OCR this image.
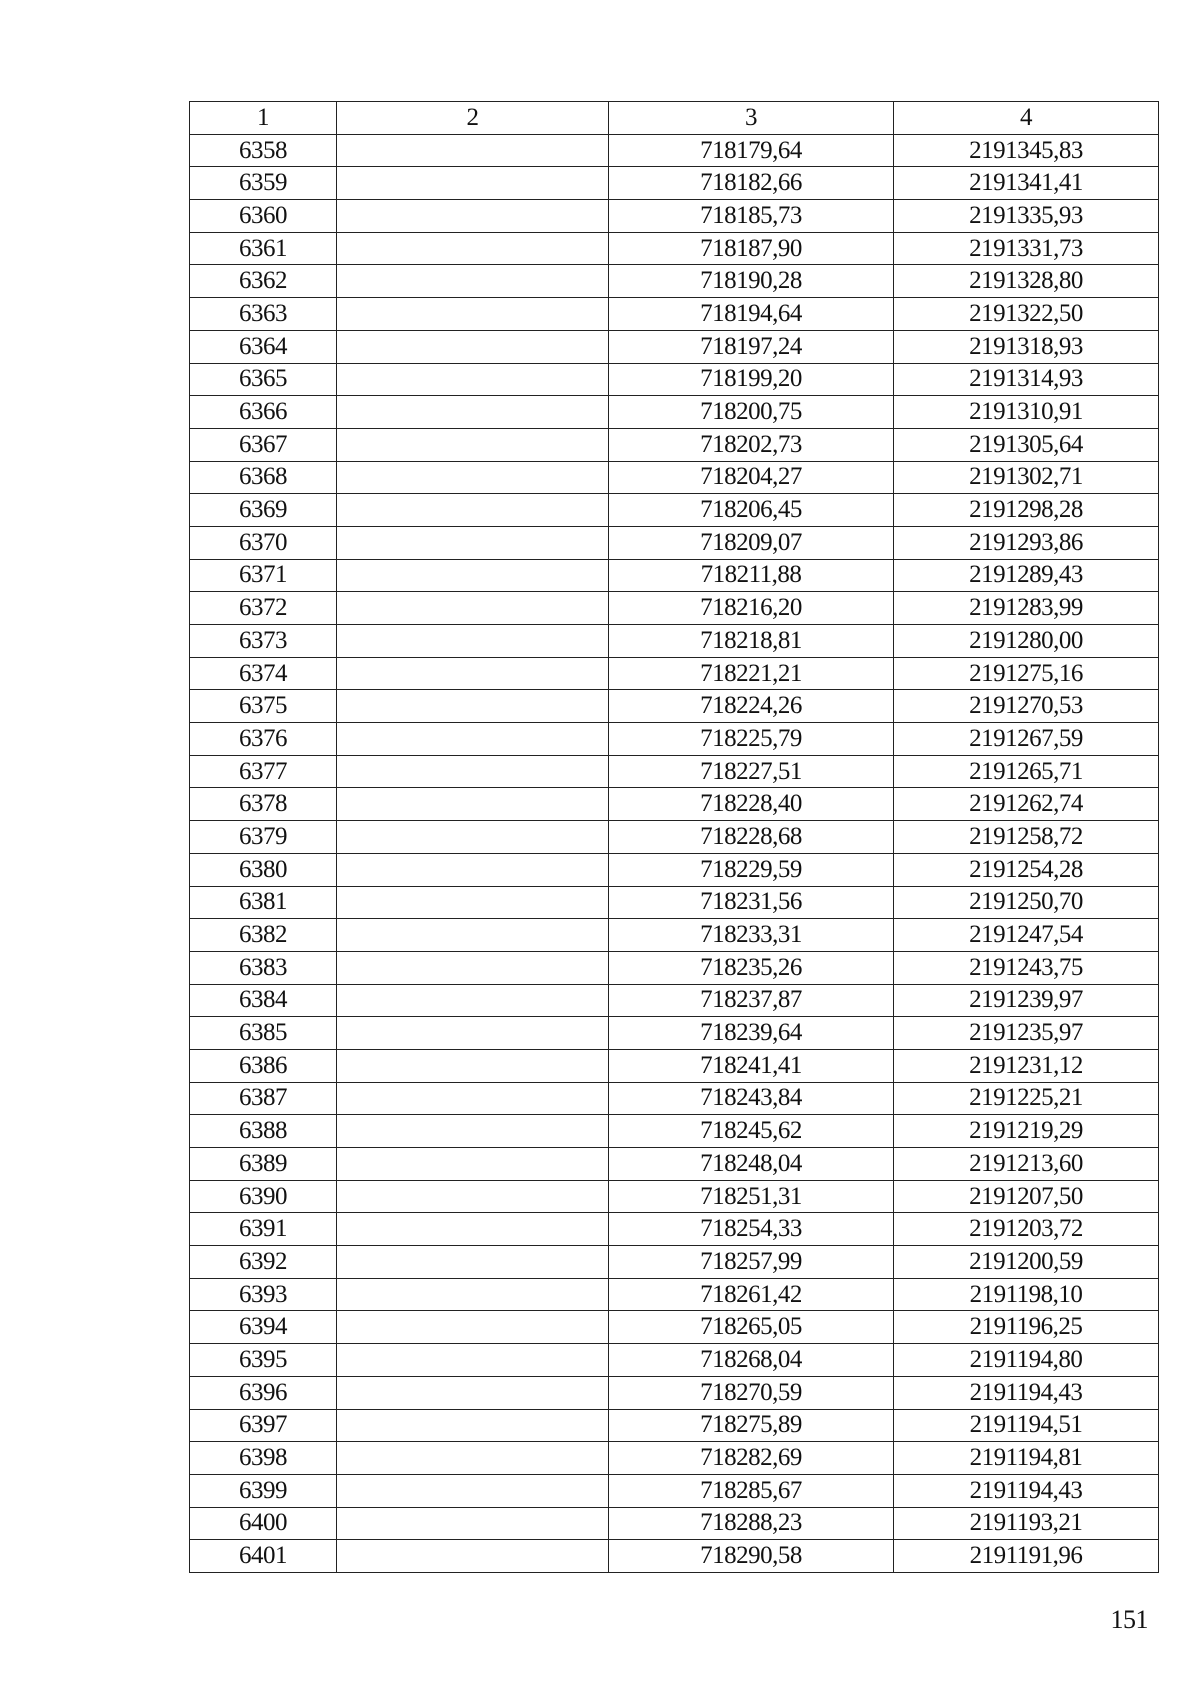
1	2	3	4
6358		718179,64	2191345,83
6359		718182,66	2191341,41
6360		718185,73	2191335,93
6361		718187,90	2191331,73
6362		718190,28	2191328,80
6363		718194,64	2191322,50
6364		718197,24	2191318,93
6365		718199,20	2191314,93
6366		718200,75	2191310,91
6367		718202,73	2191305,64
6368		718204,27	2191302,71
6369		718206,45	2191298,28
6370		718209,07	2191293,86
6371		718211,88	2191289,43
6372		718216,20	2191283,99
6373		718218,81	2191280,00
6374		718221,21	2191275,16
6375		718224,26	2191270,53
6376		718225,79	2191267,59
6377		718227,51	2191265,71
6378		718228,40	2191262,74
6379		718228,68	2191258,72
6380		718229,59	2191254,28
6381		718231,56	2191250,70
6382		718233,31	2191247,54
6383		718235,26	2191243,75
6384		718237,87	2191239,97
6385		718239,64	2191235,97
6386		718241,41	2191231,12
6387		718243,84	2191225,21
6388		718245,62	2191219,29
6389		718248,04	2191213,60
6390		718251,31	2191207,50
6391		718254,33	2191203,72
6392		718257,99	2191200,59
6393		718261,42	2191198,10
6394		718265,05	2191196,25
6395		718268,04	2191194,80
6396		718270,59	2191194,43
6397		718275,89	2191194,51
6398		718282,69	2191194,81
6399		718285,67	2191194,43
6400		718288,23	2191193,21
6401		718290,58	2191191,96
151
